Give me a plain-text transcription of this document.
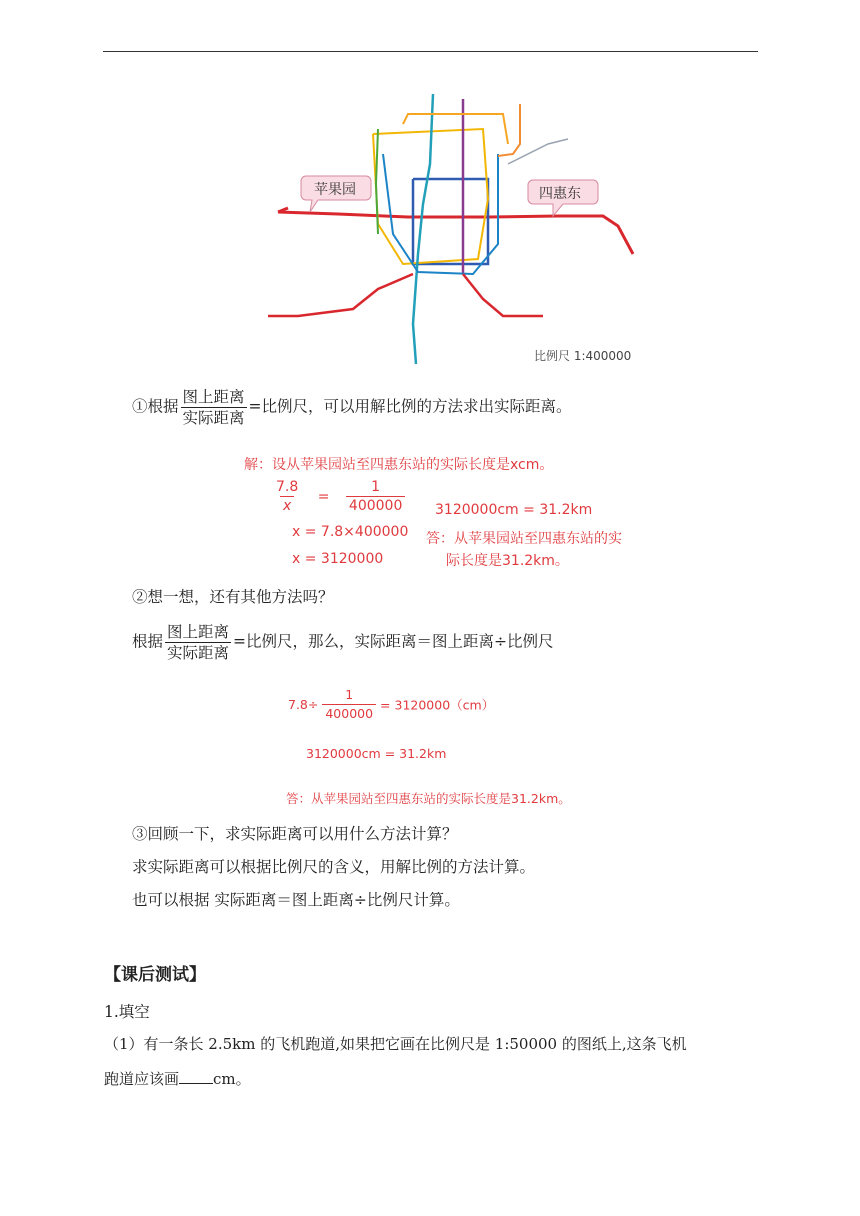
苹果园	四惠东
比例尺 1:400000
①根据 $\frac{\text{图上距离}}{\text{实际距离}}$ =比例尺，可以用解比例的方法求出实际距离。
解：设从苹果园站至四惠东站的实际长度是xcm。
$\frac{7.8}{x} = \frac{1}{400000}$
x = 7.8×400000
x = 3120000
3120000cm = 31.2km
答：从苹果园站至四惠东站的实
际长度是31.2km。
②想一想，还有其他方法吗？
根据 $\frac{\text{图上距离}}{\text{实际距离}}$ =比例尺，那么，实际距离＝图上距离÷比例尺
$7.8\div \frac{1}{400000} = 3120000(cm)$
3120000cm = 31.2km
答：从苹果园站至四惠东站的实际长度是31.2km。
③回顾一下，求实际距离可以用什么方法计算？
求实际距离可以根据比例尺的含义，用解比例的方法计算。
也可以根据 实际距离＝图上距离÷比例尺计算。
【课后测试】
1.填空
（1）有一条长 2.5km 的飞机跑道,如果把它画在比例尺是 1:50000 的图纸上,这条飞机
跑道应该画 cm。
